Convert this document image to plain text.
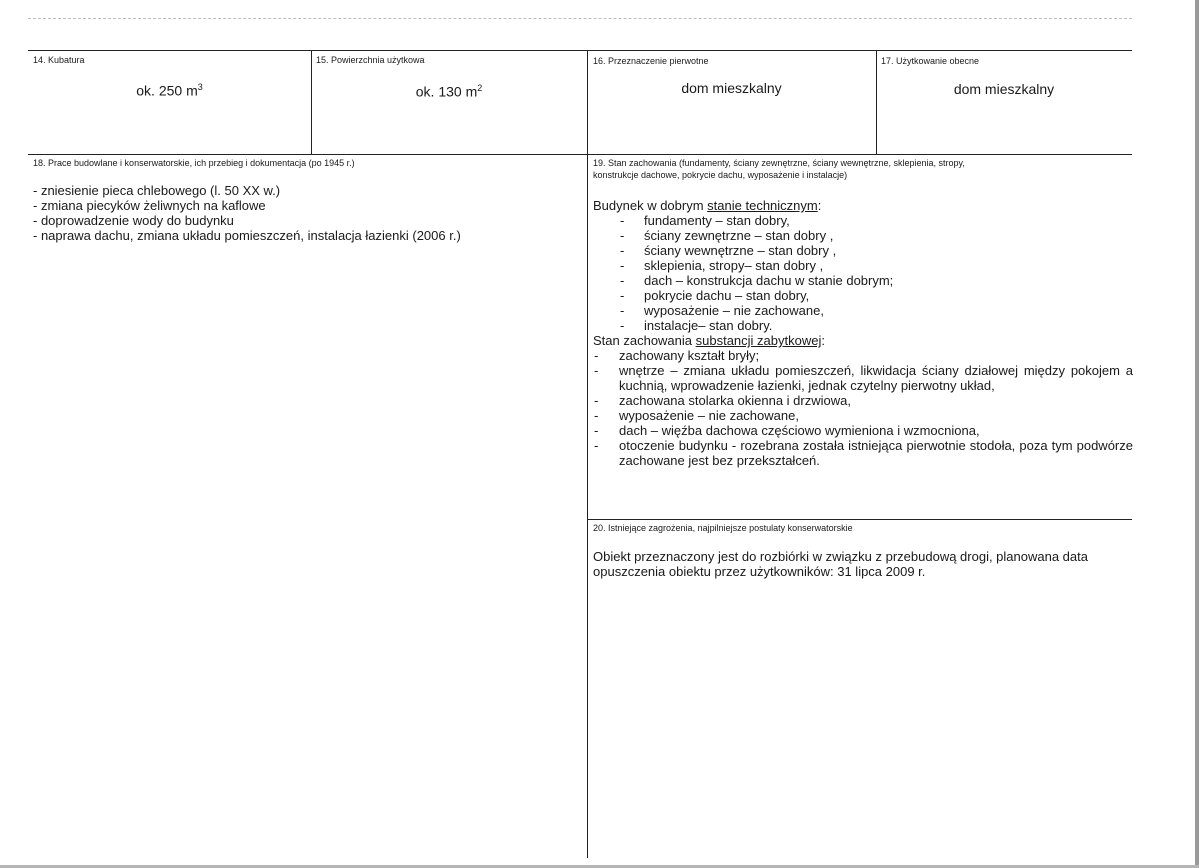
14. Kubatura
ok. 250 $m^3$
15. Powierzchnia użytkowa
ok. 130 $m^2$
16. Przeznaczenie pierwotne
dom mieszkalny
17. Użytkowanie obecne
dom mieszkalny
18. Prace budowlane i konserwatorskie, ich przebieg i dokumentacja (po 1945 r.)
- zniesienie pieca chlebowego (l. 50 XX w.)
- zmiana piecyków żeliwnych na kaflowe
- doprowadzenie wody do budynku
- naprawa dachu, zmiana układu pomieszczeń, instalacja łazienki (2006 r.)
19. Stan zachowania (fundamenty, ściany zewnętrzne, ściany wewnętrzne, sklepienia, stropy,
konstrukcje dachowe, pokrycie dachu, wyposażenie i instalacje)

Budynek w dobrym stanie technicznym:

- fundamenty – stan dobry,
- ściany zewnętrzne – stan dobry ,
- ściany wewnętrzne – stan dobry ,
- sklepienia, stropy– stan dobry ,
- dach – konstrukcja dachu w stanie dobrym;
- pokrycie dachu – stan dobry,
- wyposażenie – nie zachowane,
- instalacje– stan dobry.

Stan zachowania substancji zabytkowej:

- zachowany kształt bryły;
- wnętrze – zmiana układu pomieszczeń, likwidacja ściany działowej między pokojem a kuchnią, wprowadzenie łazienki, jednak czytelny pierwotny układ,
- zachowana stolarka okienna i drzwiowa,
- wyposażenie – nie zachowane,
- dach – więźba dachowa częściowo wymieniona i wzmocniona,
- otoczenie budynku - rozebrana została istniejąca pierwotnie stodoła, poza tym podwórze zachowane jest bez przekształceń.
20. Istniejące zagrożenia, najpilniejsze postulaty konserwatorskie

Obiekt przeznaczony jest do rozbiórki w związku z przebudową drogi, planowana data opuszczenia obiektu przez użytkowników: 31 lipca 2009 r.
